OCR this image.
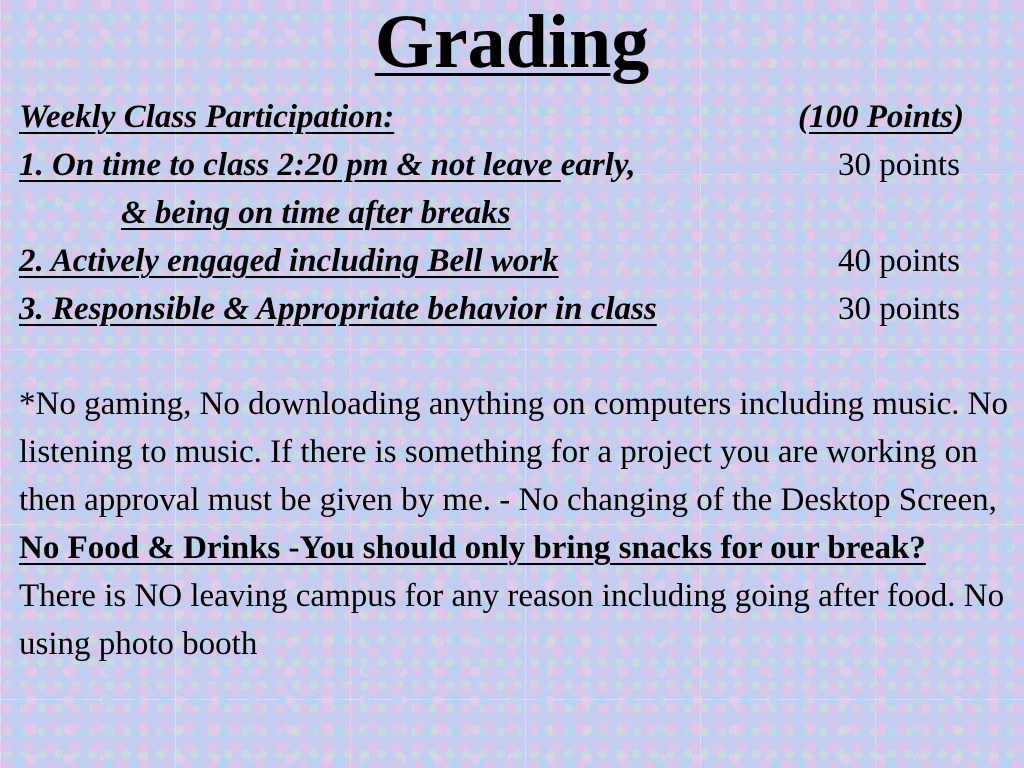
Grading
Weekly Class Participation:	(100 Points)
1. On time to class 2:20 pm & not leave early,	30 points
& being on time after breaks
2. Actively engaged including Bell work	40 points
3. Responsible & Appropriate behavior in class	30 points
*No gaming, No downloading anything on computers including music. No listening to music. If there is something for a project you are working on then approval must be given by me. - No changing of the Desktop Screen, No Food & Drinks -You should only bring snacks for our break? There is NO leaving campus for any reason including going after food. No using photo booth
